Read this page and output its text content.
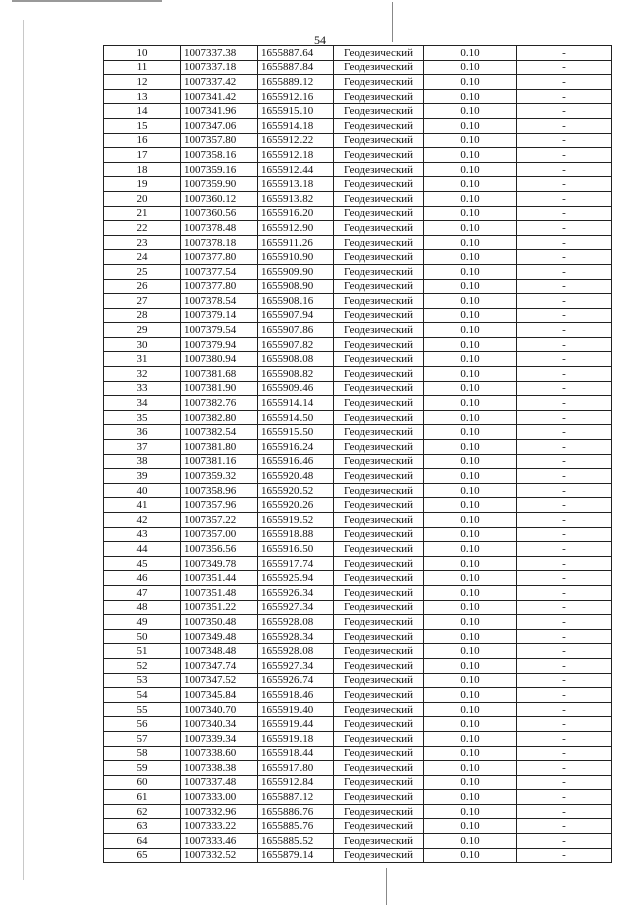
54
10	1007337.38	1655887.64	Геодезический	0.10	-
11	1007337.18	1655887.84	Геодезический	0.10	-
12	1007337.42	1655889.12	Геодезический	0.10	-
13	1007341.42	1655912.16	Геодезический	0.10	-
14	1007341.96	1655915.10	Геодезический	0.10	-
15	1007347.06	1655914.18	Геодезический	0.10	-
16	1007357.80	1655912.22	Геодезический	0.10	-
17	1007358.16	1655912.18	Геодезический	0.10	-
18	1007359.16	1655912.44	Геодезический	0.10	-
19	1007359.90	1655913.18	Геодезический	0.10	-
20	1007360.12	1655913.82	Геодезический	0.10	-
21	1007360.56	1655916.20	Геодезический	0.10	-
22	1007378.48	1655912.90	Геодезический	0.10	-
23	1007378.18	1655911.26	Геодезический	0.10	-
24	1007377.80	1655910.90	Геодезический	0.10	-
25	1007377.54	1655909.90	Геодезический	0.10	-
26	1007377.80	1655908.90	Геодезический	0.10	-
27	1007378.54	1655908.16	Геодезический	0.10	-
28	1007379.14	1655907.94	Геодезический	0.10	-
29	1007379.54	1655907.86	Геодезический	0.10	-
30	1007379.94	1655907.82	Геодезический	0.10	-
31	1007380.94	1655908.08	Геодезический	0.10	-
32	1007381.68	1655908.82	Геодезический	0.10	-
33	1007381.90	1655909.46	Геодезический	0.10	-
34	1007382.76	1655914.14	Геодезический	0.10	-
35	1007382.80	1655914.50	Геодезический	0.10	-
36	1007382.54	1655915.50	Геодезический	0.10	-
37	1007381.80	1655916.24	Геодезический	0.10	-
38	1007381.16	1655916.46	Геодезический	0.10	-
39	1007359.32	1655920.48	Геодезический	0.10	-
40	1007358.96	1655920.52	Геодезический	0.10	-
41	1007357.96	1655920.26	Геодезический	0.10	-
42	1007357.22	1655919.52	Геодезический	0.10	-
43	1007357.00	1655918.88	Геодезический	0.10	-
44	1007356.56	1655916.50	Геодезический	0.10	-
45	1007349.78	1655917.74	Геодезический	0.10	-
46	1007351.44	1655925.94	Геодезический	0.10	-
47	1007351.48	1655926.34	Геодезический	0.10	-
48	1007351.22	1655927.34	Геодезический	0.10	-
49	1007350.48	1655928.08	Геодезический	0.10	-
50	1007349.48	1655928.34	Геодезический	0.10	-
51	1007348.48	1655928.08	Геодезический	0.10	-
52	1007347.74	1655927.34	Геодезический	0.10	-
53	1007347.52	1655926.74	Геодезический	0.10	-
54	1007345.84	1655918.46	Геодезический	0.10	-
55	1007340.70	1655919.40	Геодезический	0.10	-
56	1007340.34	1655919.44	Геодезический	0.10	-
57	1007339.34	1655919.18	Геодезический	0.10	-
58	1007338.60	1655918.44	Геодезический	0.10	-
59	1007338.38	1655917.80	Геодезический	0.10	-
60	1007337.48	1655912.84	Геодезический	0.10	-
61	1007333.00	1655887.12	Геодезический	0.10	-
62	1007332.96	1655886.76	Геодезический	0.10	-
63	1007333.22	1655885.76	Геодезический	0.10	-
64	1007333.46	1655885.52	Геодезический	0.10	-
65	1007332.52	1655879.14	Геодезический	0.10	-
